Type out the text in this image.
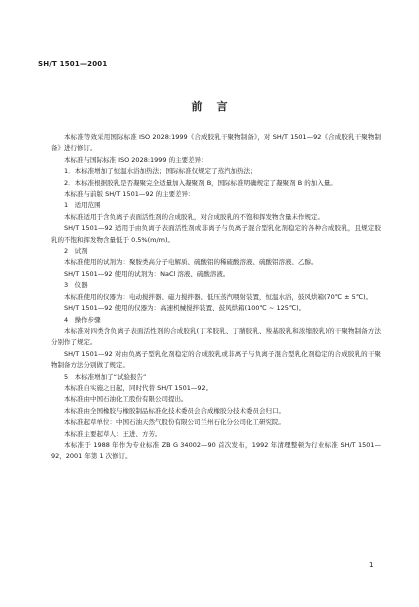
SH/T 1501—2001
前言

本标准等效采用国际标准 ISO 2028:1999《合成胶乳干聚物制备》，对 SH/T 1501—92《合成胶乳干聚物制备》进行修订。

本标准与国际标准 ISO 2028:1999 的主要差异：

1．本标准增加了恒温水浴加热法；国际标准仅规定了蒸汽加热法；

2．本标准根据胶乳是否凝聚完全适量加入凝聚剂 B，国际标准明确规定了凝聚剂 B 的加入量。

本标准与前版 SH/T 1501—92 的主要差异：

1　适用范围

本标准适用于含负离子表面活性剂的合成胶乳，对合成胶乳的不饱和挥发物含量未作规定。

SH/T 1501—92 适用于由负离子表面活性剂或非离子与负离子混合型乳化剂稳定的各种合成胶乳，且规定胶乳的不饱和挥发物含量低于 0.5%(m/m)。

2　试剂

本标准使用的试剂为：聚胺类高分子电解质、硫酸铝的稀硫酸溶液、硫酸铝溶液、乙醇。

SH/T 1501—92 使用的试剂为：NaCl 溶液、硫酸溶液。

3　仪器

本标准使用的仪器为：电动搅拌器、磁力搅拌器、低压蒸汽喂射装置，恒温水浴，鼓风烘箱(70℃ ± 5℃)。

SH/T 1501—92 使用的仪器为：高速机械搅拌装置、鼓风烘箱(100℃ ~ 125℃)。

4　操作步骤

本标准对四类含负离子表面活性剂的合成胶乳(丁苯胶乳、丁腈胶乳、羧基胶乳和浓缩胶乳)的干聚物制备方法分别作了规定。

SH/T 1501—92 对由负离子型乳化剂稳定的合成胶乳或非离子与负离子混合型乳化剂稳定的合成胶乳的干聚物制备方法分别做了规定。

5　本标准增加了“试验报告”

本标准自实施之日起，同时代替 SH/T 1501—92。

本标准由中国石油化工股份有限公司提出。

本标准由全国橡胶与橡胶制品标准化技术委员会合成橡胶分技术委员会归口。

本标准起草单位：中国石油天然气股份有限公司兰州石化分公司化工研究院。

本标准主要起草人：王进、方芳。

本标准于 1988 年作为专业标准 ZB G 34002—90 首次发布，1992 年清理整顿为行业标准 SH/T 1501—92，2001 年第 1 次修订。

1
